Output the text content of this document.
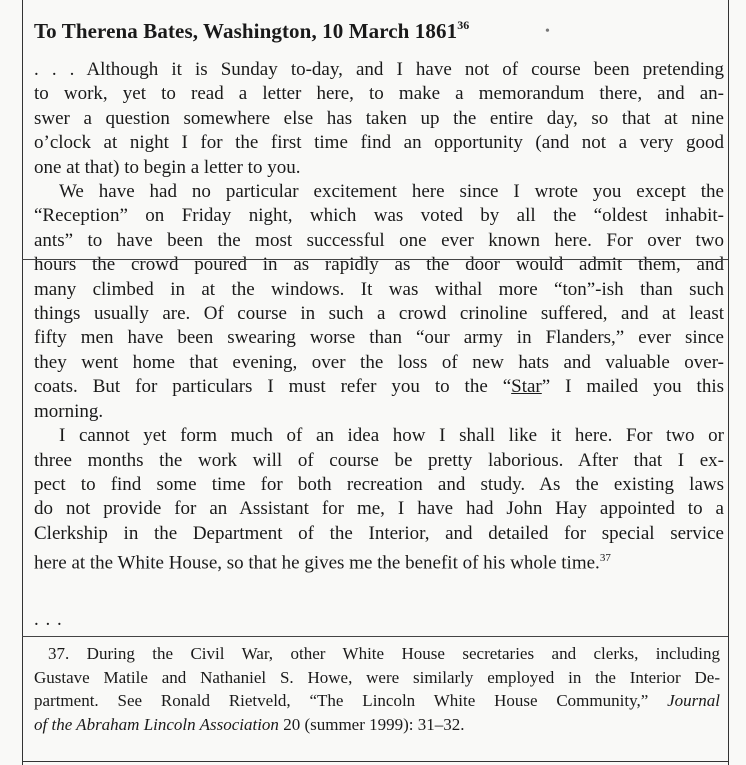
To Therena Bates, Washington, 10 March 1861$^{36}$	•

. . . Although it is Sunday to-day, and I have not of course been pretending

to work, yet to read a letter here, to make a memorandum there, and an-

swer a question somewhere else has taken up the entire day, so that at nine

o’clock at night I for the first time find an opportunity (and not a very good

one at that) to begin a letter to you.

We have had no particular excitement here since I wrote you except the

“Reception” on Friday night, which was voted by all the “oldest inhabit-

ants” to have been the most successful one ever known here. For over two

hours the crowd poured in as rapidly as the door would admit them, and

many climbed in at the windows. It was withal more “ton”-ish than such

things usually are. Of course in such a crowd crinoline suffered, and at least

fifty men have been swearing worse than “our army in Flanders,” ever since

they went home that evening, over the loss of new hats and valuable over-

coats. But for particulars I must refer you to the “Star” I mailed you this

morning.

I cannot yet form much of an idea how I shall like it here. For two or

three months the work will of course be pretty laborious. After that I ex-

pect to find some time for both recreation and study. As the existing laws

do not provide for an Assistant for me, I have had John Hay appointed to a

Clerkship in the Department of the Interior, and detailed for special service

here at the White House, so that he gives me the benefit of his whole time.$^{37}$

. . .

37. During the Civil War, other White House secretaries and clerks, including

Gustave Matile and Nathaniel S. Howe, were similarly employed in the Interior De-

partment. See Ronald Rietveld, “The Lincoln White House Community,” Journal

of the Abraham Lincoln Association 20 (summer 1999): 31–32.
